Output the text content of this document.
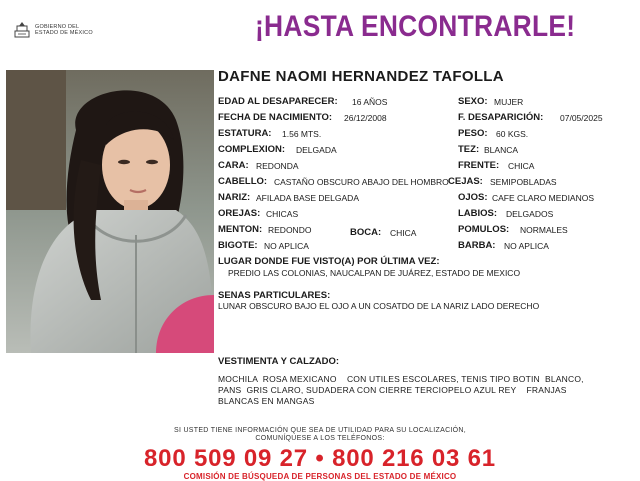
GOBIERNO DEL
ESTADO DE MÉXICO	¡HASTA ENCONTRARLE!
DAFNE NAOMI HERNANDEZ TAFOLLA
EDAD AL DESAPARECER: 16 AÑOS
FECHA DE NACIMIENTO: 26/12/2008
ESTATURA: 1.56 MTS.
COMPLEXION: DELGADA
CARA: REDONDA
CABELLO: CASTAÑO OBSCURO ABAJO DEL HOMBRO
NARIZ: AFILADA BASE DELGADA
OREJAS: CHICAS
MENTON: REDONDO	BOCA: CHICA
BIGOTE: NO APLICA
SEXO: MUJER
F. DESAPARICIÓN: 07/05/2025
PESO: 60 KGS.
TEZ: BLANCA
FRENTE: CHICA
CEJAS: SEMIPOBLADAS
OJOS: CAFE CLARO MEDIANOS
LABIOS: DELGADOS
POMULOS: NORMALES
BARBA: NO APLICA
LUGAR DONDE FUE VISTO(A) POR ÚLTIMA VEZ:
PREDIO LAS COLONIAS, NAUCALPAN DE JUÁREZ, ESTADO DE MEXICO
SENAS PARTICULARES:
LUNAR OBSCURO BAJO EL OJO A UN COSATDO DE LA NARIZ LADO DERECHO
VESTIMENTA Y CALZADO:
MOCHILA  ROSA MEXICANO    CON UTILES ESCOLARES, TENIS TIPO BOTIN  BLANCO,
PANS  GRIS CLARO, SUDADERA CON CIERRE TERCIOPELO AZUL REY    FRANJAS
BLANCAS EN MANGAS
SI USTED TIENE INFORMACIÓN QUE SEA DE UTILIDAD PARA SU LOCALIZACIÓN,
COMUNÍQUESE A LOS TELÉFONOS:
800 509 09 27 • 800 216 03 61
COMISIÓN DE BÚSQUEDA DE PERSONAS DEL ESTADO DE MÉXICO
